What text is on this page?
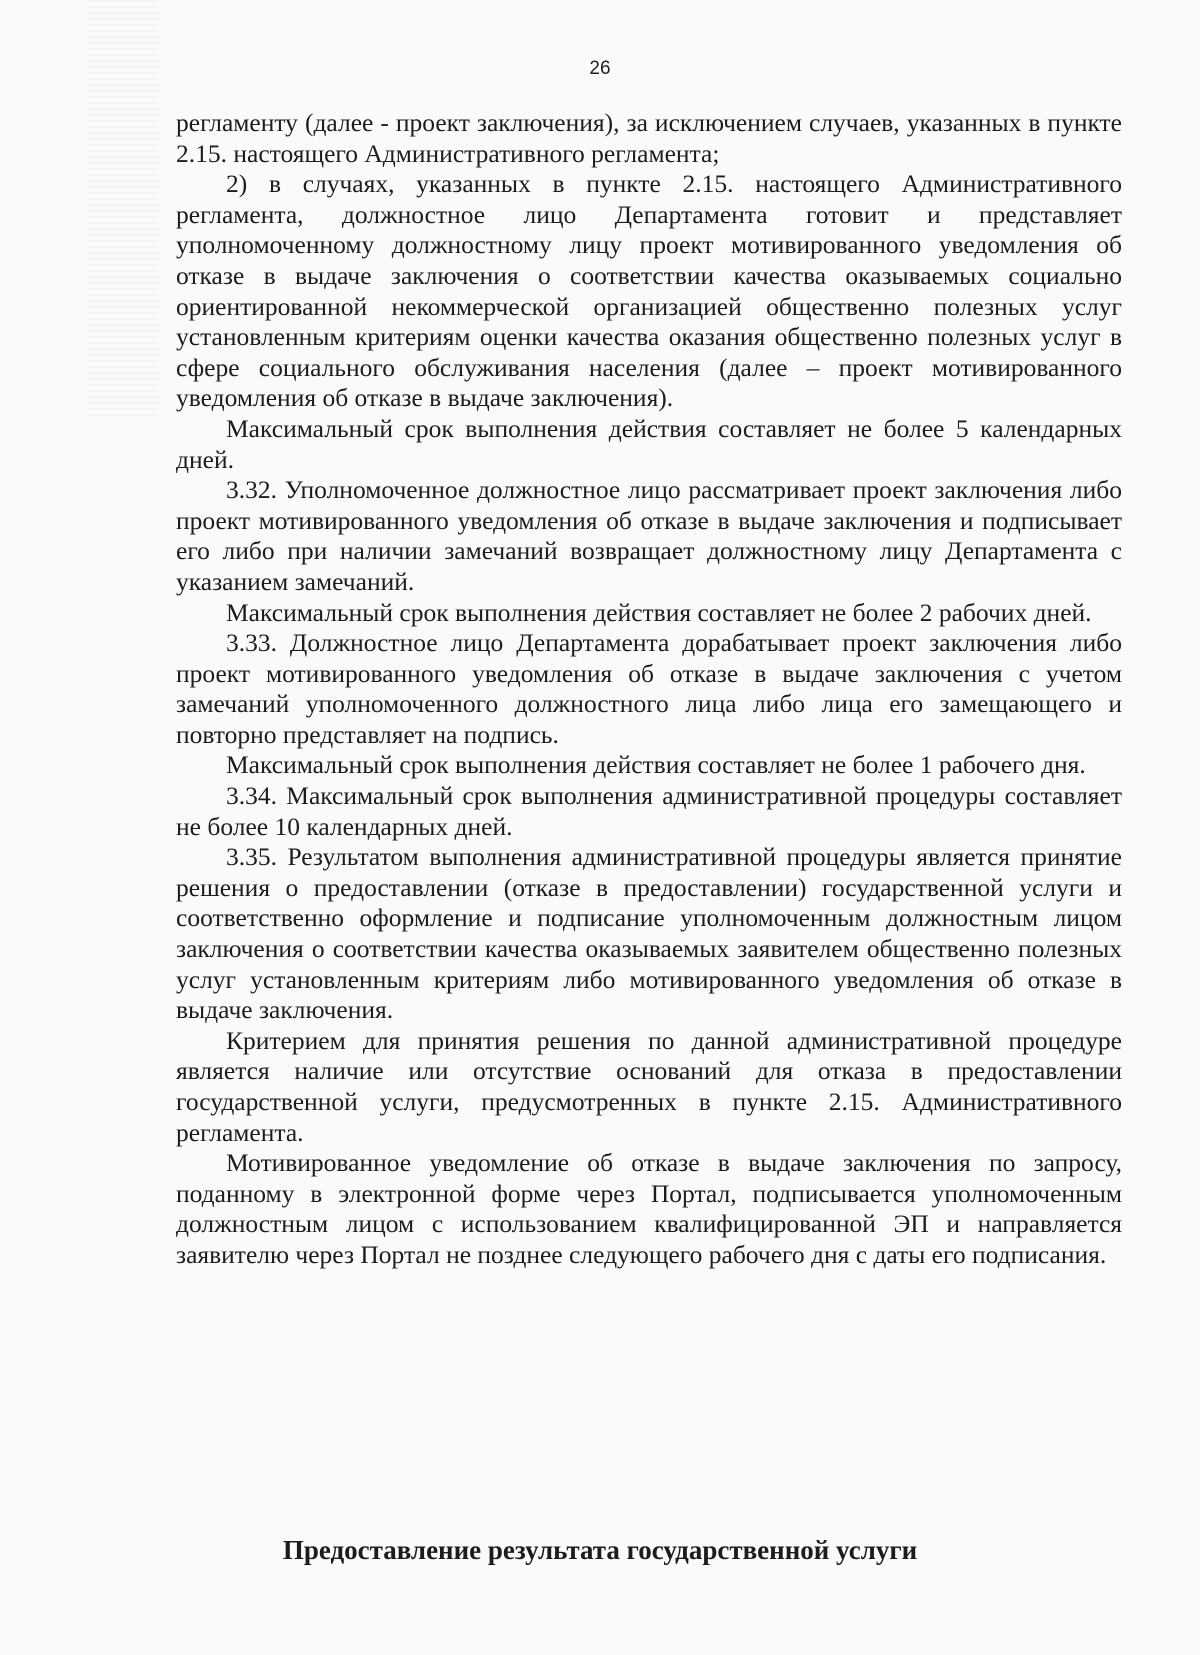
26

регламенту (далее - проект заключения), за исключением случаев, указанных в пункте 2.15. настоящего Административного регламента;

2) в случаях, указанных в пункте 2.15. настоящего Административного регламента, должностное лицо Департамента готовит и представляет уполномоченному должностному лицу проект мотивированного уведомления об отказе в выдаче заключения о соответствии качества оказываемых социально ориентированной некоммерческой организацией общественно полезных услуг установленным критериям оценки качества оказания общественно полезных услуг в сфере социального обслуживания населения (далее – проект мотивированного уведомления об отказе в выдаче заключения).

Максимальный срок выполнения действия составляет не более 5 календарных дней.

3.32. Уполномоченное должностное лицо рассматривает проект заключения либо проект мотивированного уведомления об отказе в выдаче заключения и подписывает его либо при наличии замечаний возвращает должностному лицу Департамента с указанием замечаний.

Максимальный срок выполнения действия составляет не более 2 рабочих дней.

3.33. Должностное лицо Департамента дорабатывает проект заключения либо проект мотивированного уведомления об отказе в выдаче заключения с учетом замечаний уполномоченного должностного лица либо лица его замещающего и повторно представляет на подпись.

Максимальный срок выполнения действия составляет не более 1 рабочего дня.

3.34. Максимальный срок выполнения административной процедуры составляет не более 10 календарных дней.

3.35. Результатом выполнения административной процедуры является принятие решения о предоставлении (отказе в предоставлении) государственной услуги и соответственно оформление и подписание уполномоченным должностным лицом заключения о соответствии качества оказываемых заявителем общественно полезных услуг установленным критериям либо мотивированного уведомления об отказе в выдаче заключения.

Критерием для принятия решения по данной административной процедуре является наличие или отсутствие оснований для отказа в предоставлении государственной услуги, предусмотренных в пункте 2.15. Административного регламента.

Мотивированное уведомление об отказе в выдаче заключения по запросу, поданному в электронной форме через Портал, подписывается уполномоченным должностным лицом с использованием квалифицированной ЭП и направляется заявителю через Портал не позднее следующего рабочего дня с даты его подписания.

Предоставление результата государственной услуги
